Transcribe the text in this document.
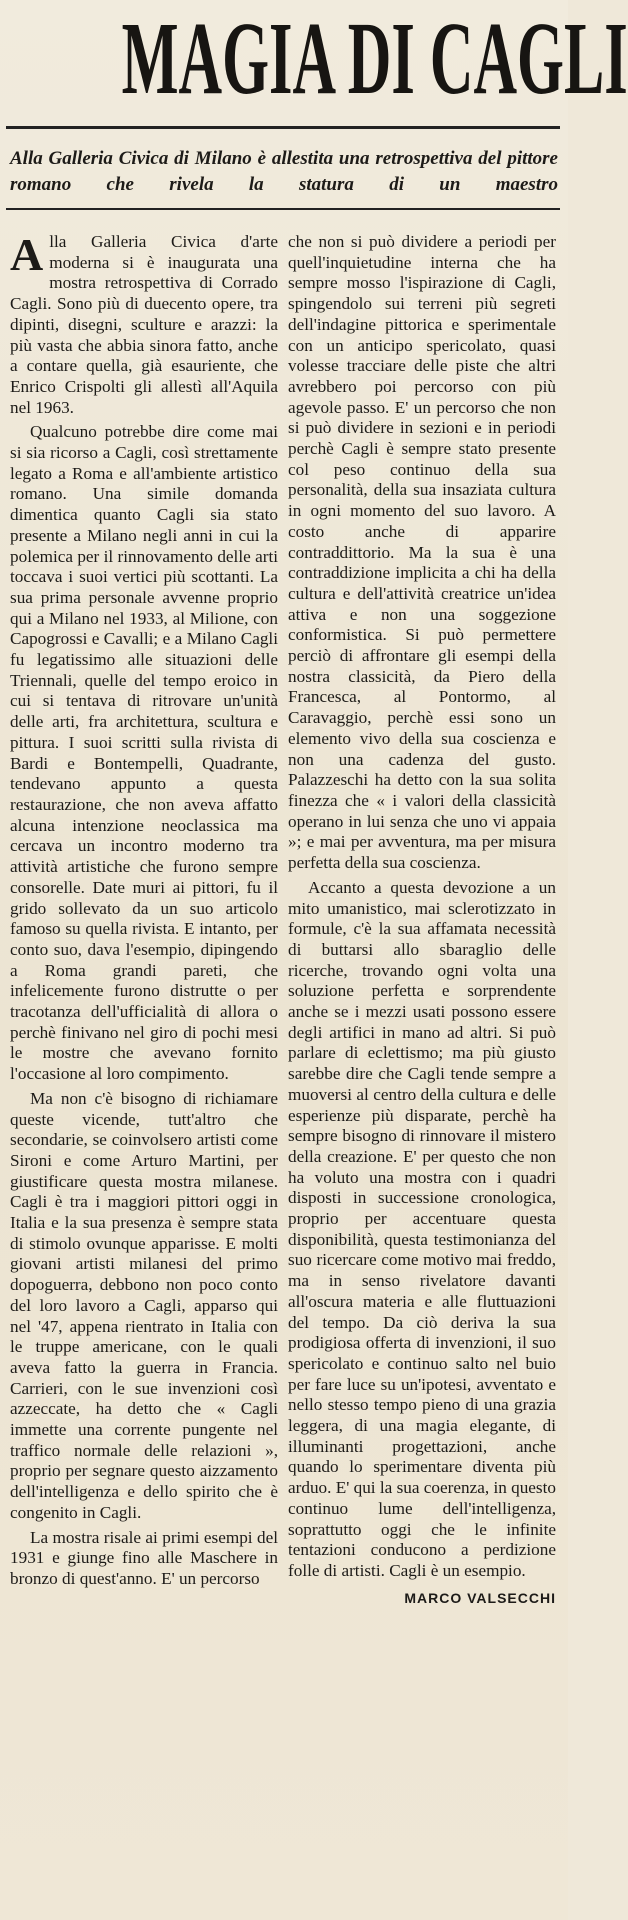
MAGIA DI CAGLI
Alla Galleria Civica di Milano è allestita una retrospettiva del pittore romano che rivela la statura di un maestro

Alla Galleria Civica d'arte moderna si è inaugurata una mostra retrospettiva di Corrado Cagli. Sono più di duecento opere, tra dipinti, disegni, sculture e arazzi: la più vasta che abbia sinora fatto, anche a contare quella, già esauriente, che Enrico Crispolti gli allestì all'Aquila nel 1963.

Qualcuno potrebbe dire come mai si sia ricorso a Cagli, così strettamente legato a Roma e all'ambiente artistico romano. Una simile domanda dimentica quanto Cagli sia stato presente a Milano negli anni in cui la polemica per il rinnovamento delle arti toccava i suoi vertici più scottanti. La sua prima personale avvenne proprio qui a Milano nel 1933, al Milione, con Capogrossi e Cavalli; e a Milano Cagli fu legatissimo alle situazioni delle Triennali, quelle del tempo eroico in cui si tentava di ritrovare un'unità delle arti, fra architettura, scultura e pittura. I suoi scritti sulla rivista di Bardi e Bontempelli, Quadrante, tendevano appunto a questa restaurazione, che non aveva affatto alcuna intenzione neoclassica ma cercava un incontro moderno tra attività artistiche che furono sempre consorelle. Date muri ai pittori, fu il grido sollevato da un suo articolo famoso su quella rivista. E intanto, per conto suo, dava l'esempio, dipingendo a Roma grandi pareti, che infelicemente furono distrutte o per tracotanza dell'ufficialità di allora o perchè finivano nel giro di pochi mesi le mostre che avevano fornito l'occasione al loro compimento.

Ma non c'è bisogno di richiamare queste vicende, tutt'altro che secondarie, se coinvolsero artisti come Sironi e come Arturo Martini, per giustificare questa mostra milanese. Cagli è tra i maggiori pittori oggi in Italia e la sua presenza è sempre stata di stimolo ovunque apparisse. E molti giovani artisti milanesi del primo dopoguerra, debbono non poco conto del loro lavoro a Cagli, apparso qui nel '47, appena rientrato in Italia con le truppe americane, con le quali aveva fatto la guerra in Francia. Carrieri, con le sue invenzioni così azzeccate, ha detto che « Cagli immette una corrente pungente nel traffico normale delle relazioni », proprio per segnare questo aizzamento dell'intelligenza e dello spirito che è congenito in Cagli.

La mostra risale ai primi esempi del 1931 e giunge fino alle Maschere in bronzo di quest'anno. E' un percorso

che non si può dividere a periodi per quell'inquietudine interna che ha sempre mosso l'ispirazione di Cagli, spingendolo sui terreni più segreti dell'indagine pittorica e sperimentale con un anticipo spericolato, quasi volesse tracciare delle piste che altri avrebbero poi percorso con più agevole passo. E' un percorso che non si può dividere in sezioni e in periodi perchè Cagli è sempre stato presente col peso continuo della sua personalità, della sua insaziata cultura in ogni momento del suo lavoro. A costo anche di apparire contraddittorio. Ma la sua è una contraddizione implicita a chi ha della cultura e dell'attività creatrice un'idea attiva e non una soggezione conformistica. Si può permettere perciò di affrontare gli esempi della nostra classicità, da Piero della Francesca, al Pontormo, al Caravaggio, perchè essi sono un elemento vivo della sua coscienza e non una cadenza del gusto. Palazzeschi ha detto con la sua solita finezza che « i valori della classicità operano in lui senza che uno vi appaia »; e mai per avventura, ma per misura perfetta della sua coscienza.

Accanto a questa devozione a un mito umanistico, mai sclerotizzato in formule, c'è la sua affamata necessità di buttarsi allo sbaraglio delle ricerche, trovando ogni volta una soluzione perfetta e sorprendente anche se i mezzi usati possono essere degli artifici in mano ad altri. Si può parlare di eclettismo; ma più giusto sarebbe dire che Cagli tende sempre a muoversi al centro della cultura e delle esperienze più disparate, perchè ha sempre bisogno di rinnovare il mistero della creazione. E' per questo che non ha voluto una mostra con i quadri disposti in successione cronologica, proprio per accentuare questa disponibilità, questa testimonianza del suo ricercare come motivo mai freddo, ma in senso rivelatore davanti all'oscura materia e alle fluttuazioni del tempo. Da ciò deriva la sua prodigiosa offerta di invenzioni, il suo spericolato e continuo salto nel buio per fare luce su un'ipotesi, avventato e nello stesso tempo pieno di una grazia leggera, di una magia elegante, di illuminanti progettazioni, anche quando lo sperimentare diventa più arduo. E' qui la sua coerenza, in questo continuo lume dell'intelligenza, soprattutto oggi che le infinite tentazioni conducono a perdizione folle di artisti. Cagli è un esempio.

MARCO VALSECCHI
